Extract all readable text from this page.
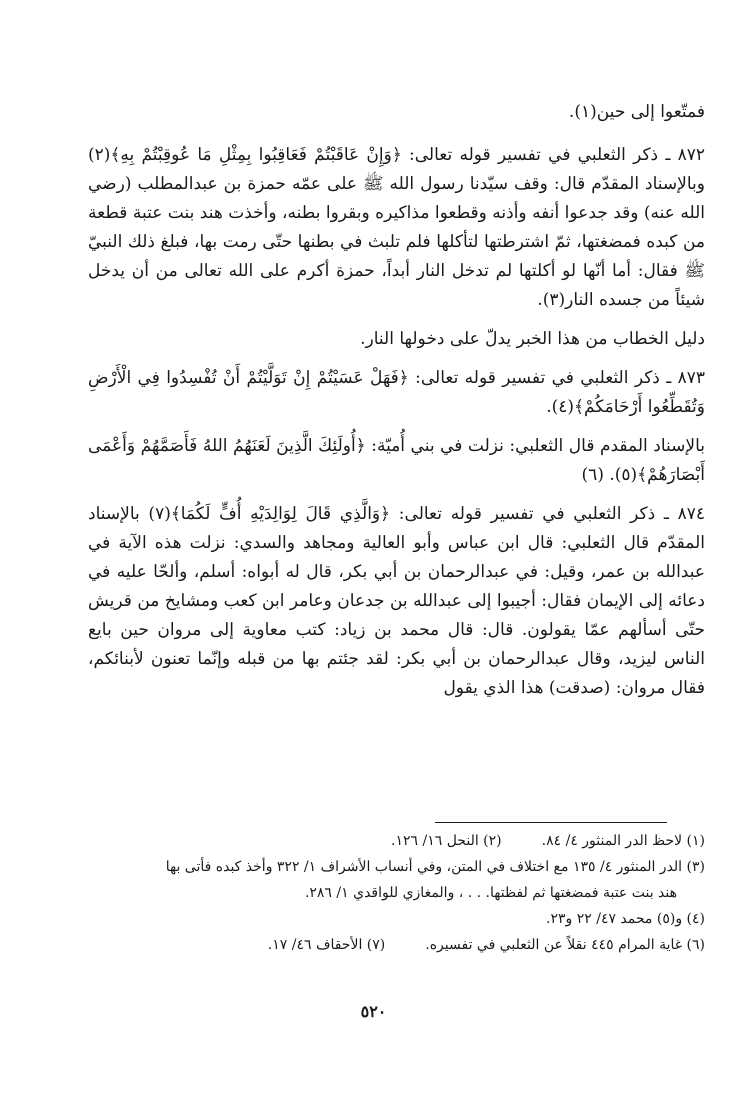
فمتّعوا إلى حين(١).

٨٧٢ ـ ذكر الثعلبي في تفسير قوله تعالى: ﴿وَإِنْ عَاقَبْتُمْ فَعَاقِبُوا بِمِثْلِ مَا عُوقِبْتُمْ بِهِ﴾(٢) وبالإسناد المقدّم قال: وقف سيّدنا رسول الله ﷺ على عمّه حمزة بن عبدالمطلب (رضي الله عنه) وقد جدعوا أنفه وأذنه وقطعوا مذاكيره وبقروا بطنه، وأخذت هند بنت عتبة قطعة من كبده فمضغتها، ثمّ اشترطتها لتأكلها فلم تلبث في بطنها حتّى رمت بها، فبلغ ذلك النبيّ ﷺ فقال: أما أنّها لو أكلتها لم تدخل النار أبداً، حمزة أكرم على الله تعالى من أن يدخل شيئاً من جسده النار(٣).

دليل الخطاب من هذا الخبر يدلّ على دخولها النار.

٨٧٣ ـ ذكر الثعلبي في تفسير قوله تعالى: ﴿فَهَلْ عَسَيْتُمْ إِنْ تَوَلَّيْتُمْ أَنْ تُفْسِدُوا فِي الْأَرْضِ وَتُقَطِّعُوا أَرْحَامَكُمْ﴾(٤).

بالإسناد المقدم قال الثعلبي: نزلت في بني أُميّة: ﴿أُولَئِكَ الَّذِينَ لَعَنَهُمُ اللهُ فَأَصَمَّهُمْ وَأَعْمَى أَبْصَارَهُمْ﴾(٥). (٦)

٨٧٤ ـ ذكر الثعلبي في تفسير قوله تعالى: ﴿وَالَّذِي قَالَ لِوَالِدَيْهِ أُفٍّ لَكُمَا﴾(٧) بالإسناد المقدّم قال الثعلبي: قال ابن عباس وأبو العالية ومجاهد والسدي: نزلت هذه الآية في عبدالله بن عمر، وقيل: في عبدالرحمان بن أبي بكر، قال له أبواه: أسلم، وألحّا عليه في دعائه إلى الإيمان فقال: أجيبوا إلى عبدالله بن جدعان وعامر ابن كعب ومشايخ من قريش حتّى أسألهم عمّا يقولون. قال: قال محمد بن زياد: كتب معاوية إلى مروان حين بايع الناس ليزيد، وقال عبدالرحمان بن أبي بكر: لقد جئتم بها من قبله وإنّما تعنون لأبنائكم، فقال مروان: (صدقت) هذا الذي يقول

(١) لاحظ الدر المنثور ٤/ ٨٤.
(٢) النحل ١٦/ ١٢٦.
(٣) الدر المنثور ٤/ ١٣٥ مع اختلاف في المتن، وفي أنساب الأشراف ١/ ٣٢٢ وأخذ كبده فأتى بها
هند بنت عتبة فمضغتها ثم لفظتها. . . ، والمغازي للواقدي ١/ ٢٨٦.
(٤) و(٥) محمد ٤٧/ ٢٢ و٢٣.
(٦) غاية المرام ٤٤٥ نقلاً عن الثعلبي في تفسيره.
(٧) الأحقاف ٤٦/ ١٧.
٥٢٠
